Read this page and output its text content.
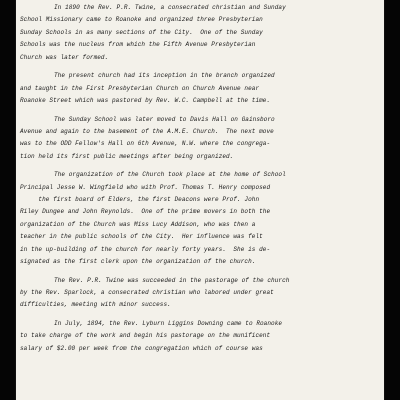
In 1890 the Rev. P.R. Twine, a consecrated christian and Sunday
School Missionary came to Roanoke and organized three Presbyterian
Sunday Schools in as many sections of the City.  One of the Sunday
Schools was the nucleus from which the Fifth Avenue Presbyterian
Church was later formed.
The present church had its inception in the branch organized
and taught in the First Presbyterian Church on Church Avenue near
Roanoke Street which was pastored by Rev. W.C. Campbell at the time.
The Sunday School was later moved to Davis Hall on Gainsboro
Avenue and again to the basement of the A.M.E. Church.  The next move
was to the ODD Fellow's Hall on 6th Avenue, N.W. where the congrega-
tion held its first public meetings after being organized.
The organization of the Church took place at the home of School
Principal Jesse W. Wingfield who with Prof. Thomas T. Henry composed
the first board of Elders, the first Deacons were Prof. John
Riley Dungee and John Reynolds.  One of the prime movers in both the
organization of the Church was Miss Lucy Addison, who was then a
teacher in the public schools of the City.  Her influence was felt
in the up-building of the church for nearly forty years.  She is de-
signated as the first clerk upon the organization of the church.
The Rev. P.R. Twine was succeeded in the pastorage of the church
by the Rev. Sparlock, a consecrated christian who labored under great
difficulties, meeting with minor success.
In July, 1894, the Rev. Lyburn Liggins Downing came to Roanoke
to take charge of the work and begin his pastorage on the munificent
salary of $2.00 per week from the congregation which of course was
